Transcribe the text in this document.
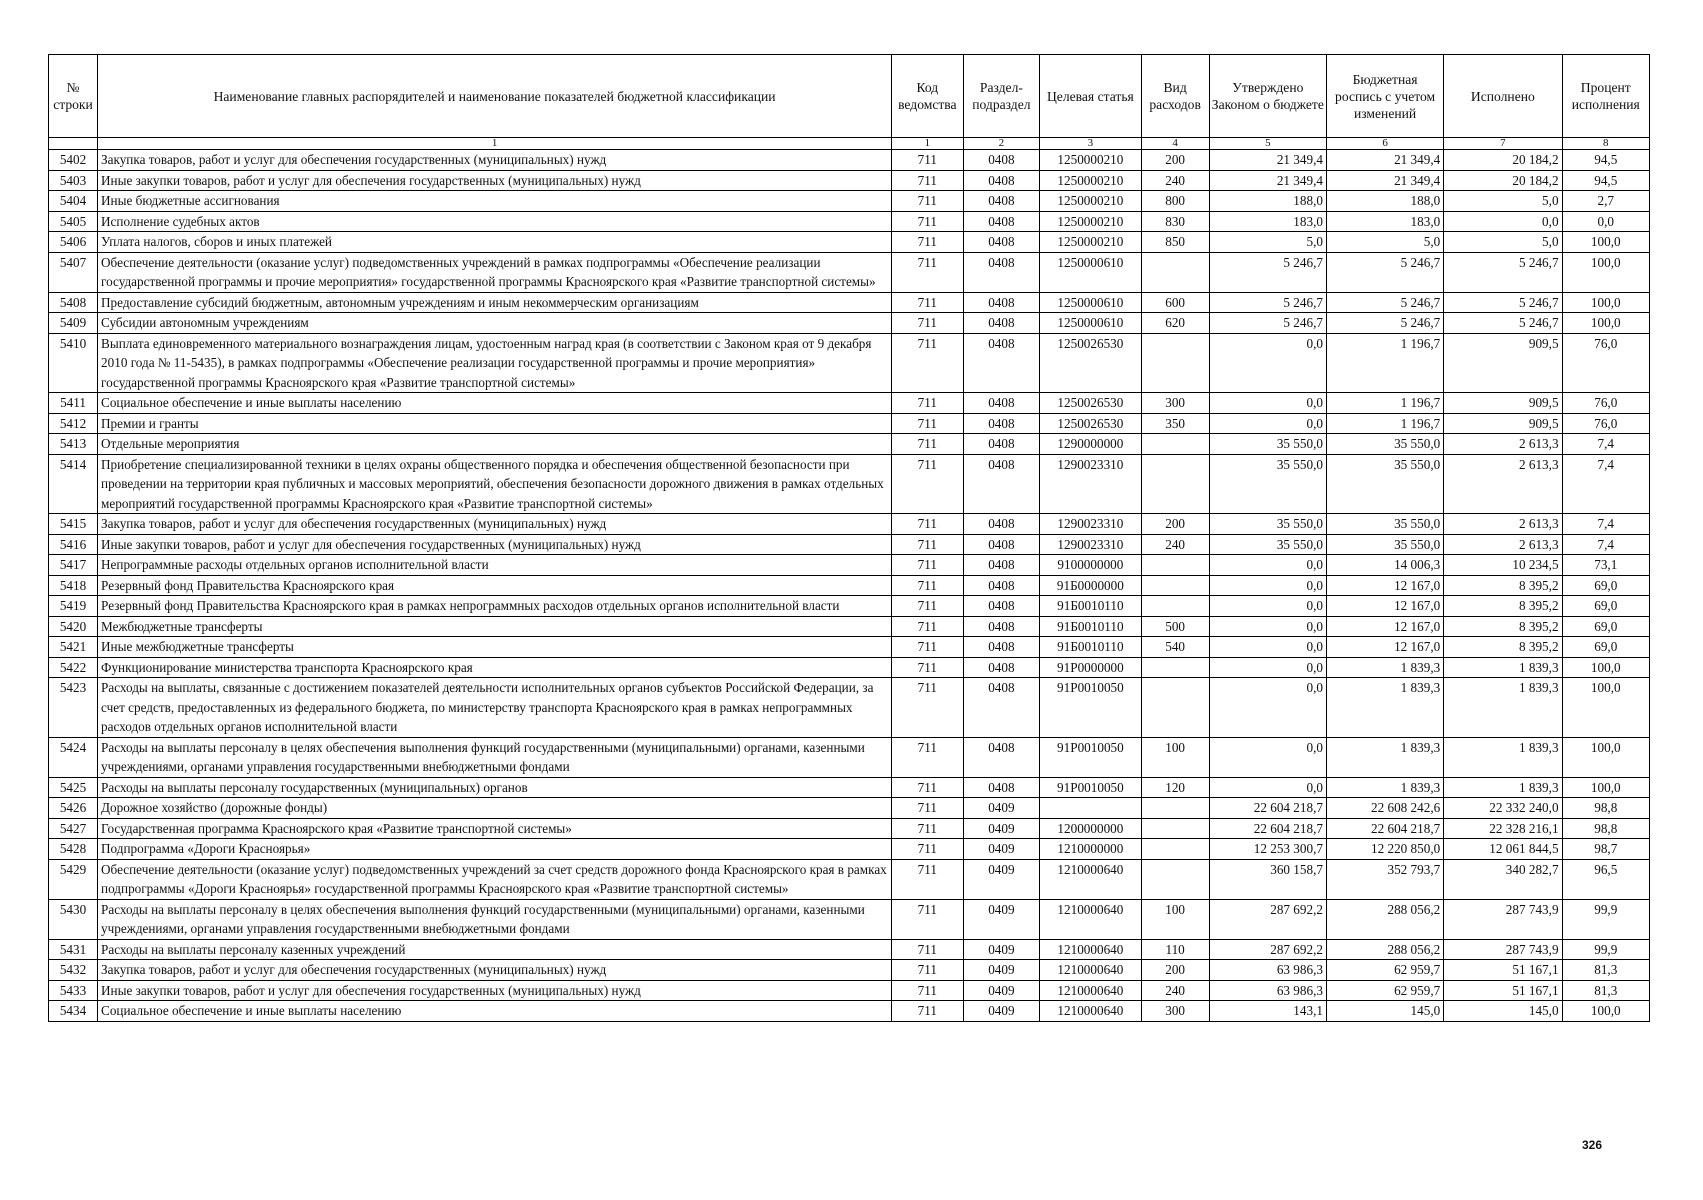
№ строки	Наименование главных распорядителей и наименование показателей бюджетной классификации	Код ведомства	Раздел-подраздел	Целевая статья	Вид расходов	Утверждено Законом о бюджете	Бюджетная роспись с учетом изменений	Исполнено	Процент исполнения
	1	1	2	3	4	5	6	7	8
5402	Закупка товаров, работ и услуг для обеспечения государственных (муниципальных) нужд	711	0408	1250000210	200	21 349,4	21 349,4	20 184,2	94,5
5403	Иные закупки товаров, работ и услуг для обеспечения государственных (муниципальных) нужд	711	0408	1250000210	240	21 349,4	21 349,4	20 184,2	94,5
5404	Иные бюджетные ассигнования	711	0408	1250000210	800	188,0	188,0	5,0	2,7
5405	Исполнение судебных актов	711	0408	1250000210	830	183,0	183,0	0,0	0,0
5406	Уплата налогов, сборов и иных платежей	711	0408	1250000210	850	5,0	5,0	5,0	100,0
5407	Обеспечение деятельности (оказание услуг) подведомственных учреждений в рамках подпрограммы «Обеспечение реализации государственной программы и прочие мероприятия» государственной программы Красноярского края «Развитие транспортной системы»	711	0408	1250000610		5 246,7	5 246,7	5 246,7	100,0
5408	Предоставление субсидий бюджетным, автономным учреждениям и иным некоммерческим организациям	711	0408	1250000610	600	5 246,7	5 246,7	5 246,7	100,0
5409	Субсидии автономным учреждениям	711	0408	1250000610	620	5 246,7	5 246,7	5 246,7	100,0
5410	Выплата единовременного материального вознаграждения лицам, удостоенным наград края (в соответствии с Законом края от 9 декабря 2010 года № 11-5435), в рамках подпрограммы «Обеспечение реализации государственной программы и прочие мероприятия» государственной программы Красноярского края «Развитие транспортной системы»	711	0408	1250026530		0,0	1 196,7	909,5	76,0
5411	Социальное обеспечение и иные выплаты населению	711	0408	1250026530	300	0,0	1 196,7	909,5	76,0
5412	Премии и гранты	711	0408	1250026530	350	0,0	1 196,7	909,5	76,0
5413	Отдельные мероприятия	711	0408	1290000000		35 550,0	35 550,0	2 613,3	7,4
5414	Приобретение специализированной техники в целях охраны общественного порядка и обеспечения общественной безопасности при проведении на территории края публичных и массовых мероприятий, обеспечения безопасности дорожного движения в рамках отдельных мероприятий государственной программы Красноярского края «Развитие транспортной системы»	711	0408	1290023310		35 550,0	35 550,0	2 613,3	7,4
5415	Закупка товаров, работ и услуг для обеспечения государственных (муниципальных) нужд	711	0408	1290023310	200	35 550,0	35 550,0	2 613,3	7,4
5416	Иные закупки товаров, работ и услуг для обеспечения государственных (муниципальных) нужд	711	0408	1290023310	240	35 550,0	35 550,0	2 613,3	7,4
5417	Непрограммные расходы отдельных органов исполнительной власти	711	0408	9100000000		0,0	14 006,3	10 234,5	73,1
5418	Резервный фонд Правительства Красноярского края	711	0408	91Б0000000		0,0	12 167,0	8 395,2	69,0
5419	Резервный фонд Правительства Красноярского края в рамках непрограммных расходов отдельных органов исполнительной власти	711	0408	91Б0010110		0,0	12 167,0	8 395,2	69,0
5420	Межбюджетные трансферты	711	0408	91Б0010110	500	0,0	12 167,0	8 395,2	69,0
5421	Иные межбюджетные трансферты	711	0408	91Б0010110	540	0,0	12 167,0	8 395,2	69,0
5422	Функционирование министерства транспорта Красноярского края	711	0408	91Р0000000		0,0	1 839,3	1 839,3	100,0
5423	Расходы на выплаты, связанные с достижением показателей деятельности исполнительных органов субъектов Российской Федерации, за счет средств, предоставленных из федерального бюджета, по министерству транспорта Красноярского края в рамках непрограммных расходов отдельных органов исполнительной власти	711	0408	91Р0010050		0,0	1 839,3	1 839,3	100,0
5424	Расходы на выплаты персоналу в целях обеспечения выполнения функций государственными (муниципальными) органами, казенными учреждениями, органами управления государственными внебюджетными фондами	711	0408	91Р0010050	100	0,0	1 839,3	1 839,3	100,0
5425	Расходы на выплаты персоналу государственных (муниципальных) органов	711	0408	91Р0010050	120	0,0	1 839,3	1 839,3	100,0
5426	Дорожное хозяйство (дорожные фонды)	711	0409			22 604 218,7	22 608 242,6	22 332 240,0	98,8
5427	Государственная программа Красноярского края «Развитие транспортной системы»	711	0409	1200000000		22 604 218,7	22 604 218,7	22 328 216,1	98,8
5428	Подпрограмма «Дороги Красноярья»	711	0409	1210000000		12 253 300,7	12 220 850,0	12 061 844,5	98,7
5429	Обеспечение деятельности (оказание услуг) подведомственных учреждений за счет средств дорожного фонда Красноярского края в рамках подпрограммы «Дороги Красноярья» государственной программы Красноярского края «Развитие транспортной системы»	711	0409	1210000640		360 158,7	352 793,7	340 282,7	96,5
5430	Расходы на выплаты персоналу в целях обеспечения выполнения функций государственными (муниципальными) органами, казенными учреждениями, органами управления государственными внебюджетными фондами	711	0409	1210000640	100	287 692,2	288 056,2	287 743,9	99,9
5431	Расходы на выплаты персоналу казенных учреждений	711	0409	1210000640	110	287 692,2	288 056,2	287 743,9	99,9
5432	Закупка товаров, работ и услуг для обеспечения государственных (муниципальных) нужд	711	0409	1210000640	200	63 986,3	62 959,7	51 167,1	81,3
5433	Иные закупки товаров, работ и услуг для обеспечения государственных (муниципальных) нужд	711	0409	1210000640	240	63 986,3	62 959,7	51 167,1	81,3
5434	Социальное обеспечение и иные выплаты населению	711	0409	1210000640	300	143,1	145,0	145,0	100,0
326
